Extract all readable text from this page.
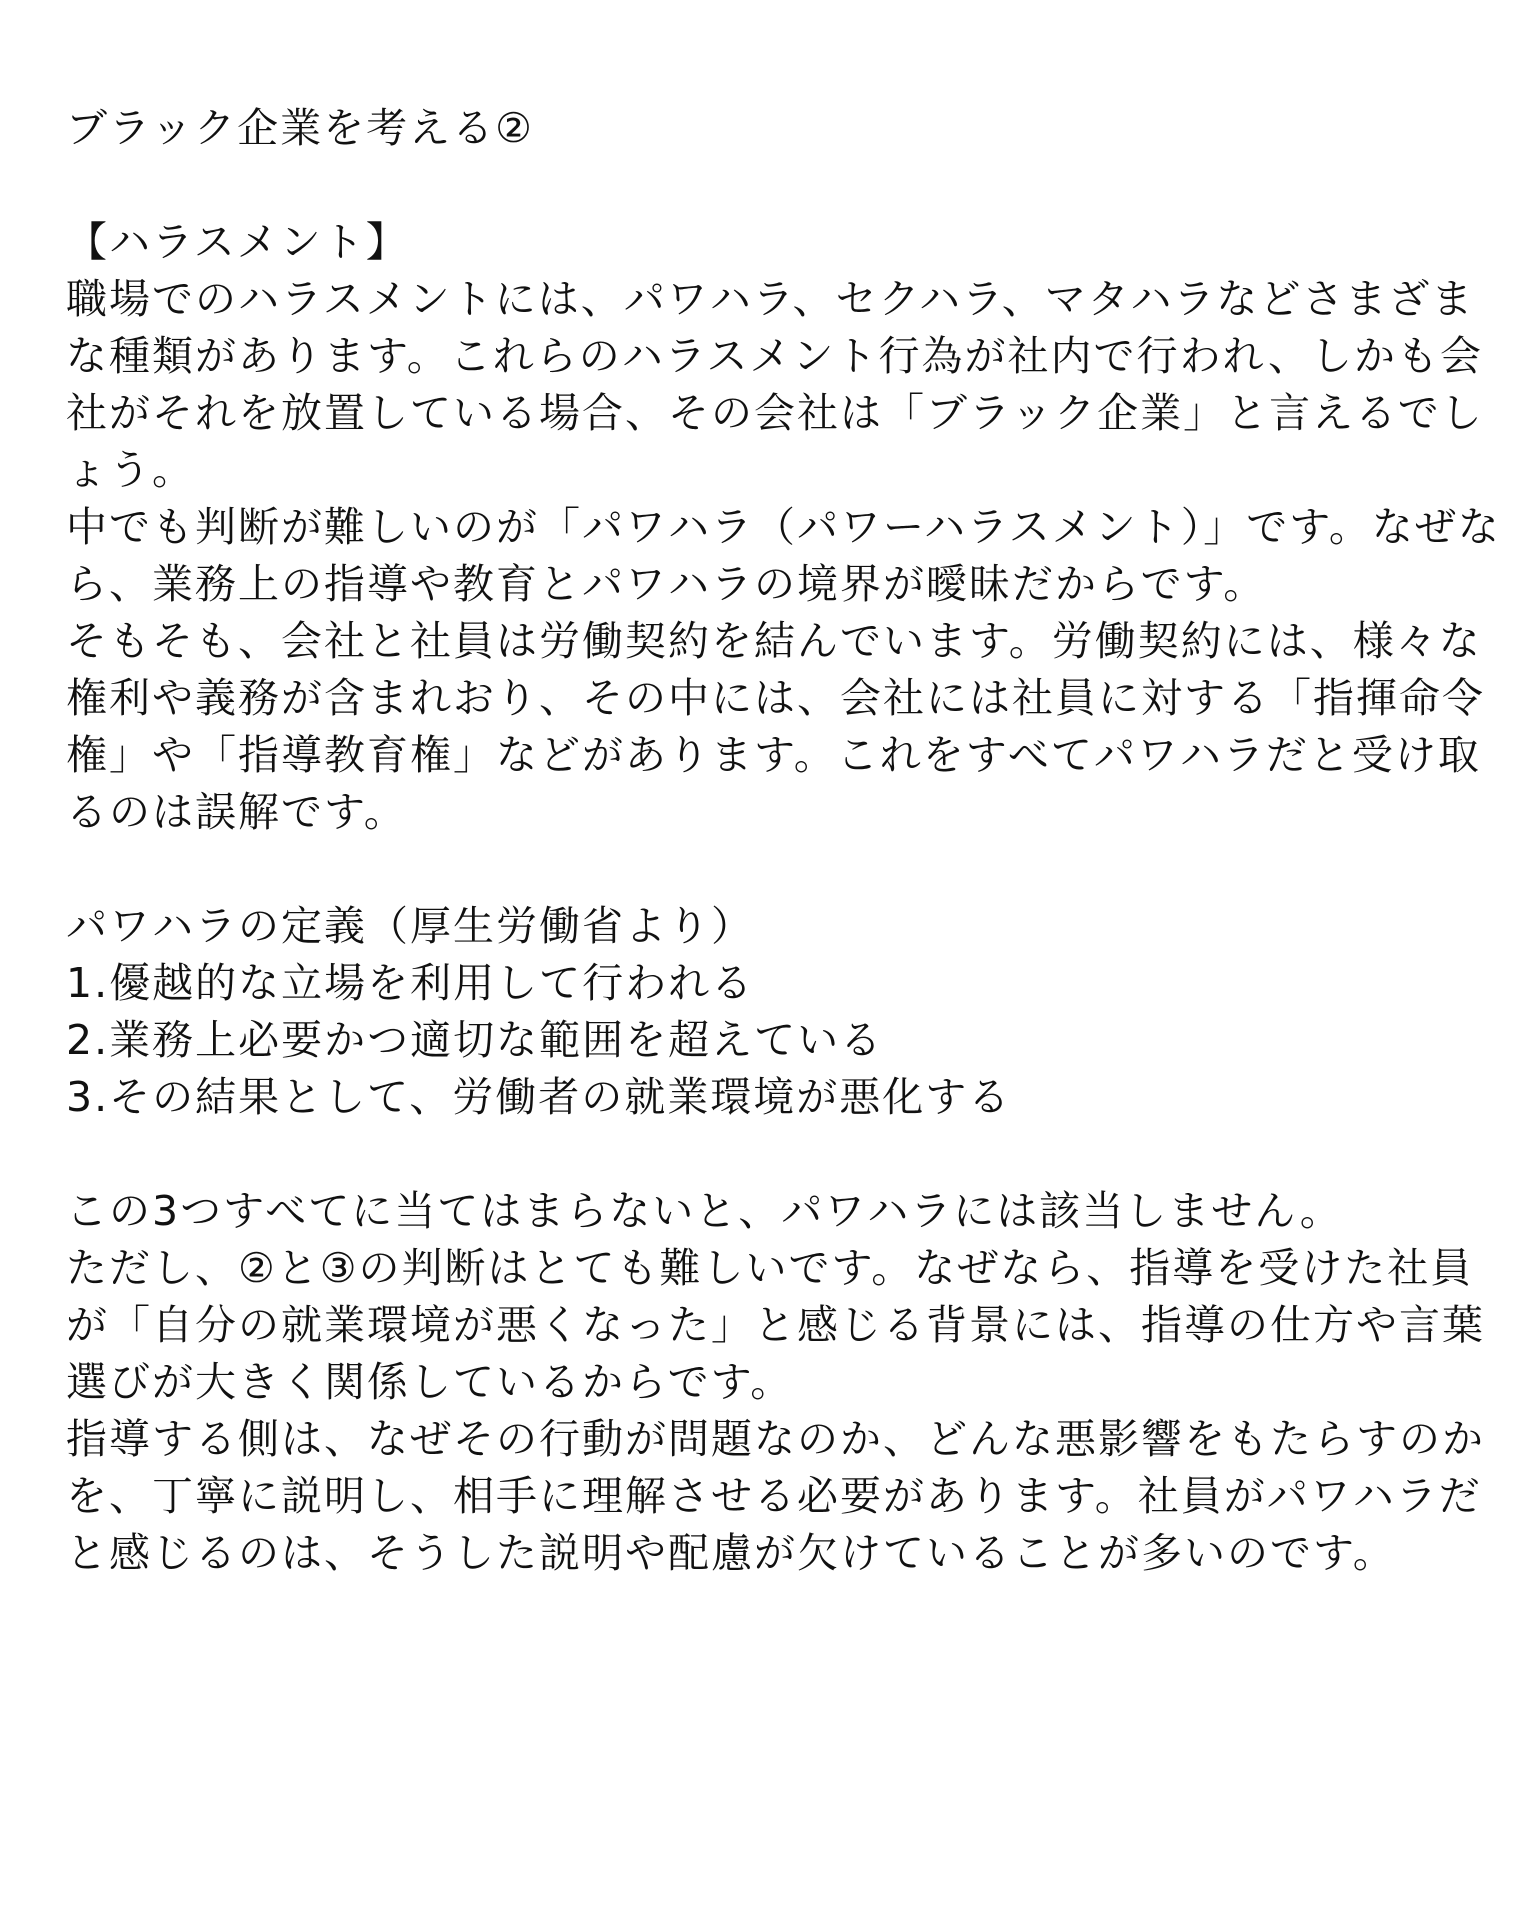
ブラック企業を考える②
【ハラスメント】
職場でのハラスメントには、パワハラ、セクハラ、マタハラなどさまざま
な種類があります。これらのハラスメント行為が社内で行われ、しかも会
社がそれを放置している場合、その会社は「ブラック企業」と言えるでし
ょう。
中でも判断が難しいのが「パワハラ（パワーハラスメント）」です。なぜな
ら、業務上の指導や教育とパワハラの境界が曖昧だからです。
そもそも、会社と社員は労働契約を結んでいます。労働契約には、様々な
権利や義務が含まれおり、その中には、会社には社員に対する「指揮命令
権」や「指導教育権」などがあります。これをすべてパワハラだと受け取
るのは誤解です。
パワハラの定義（厚生労働省より）
1.優越的な立場を利用して行われる
2.業務上必要かつ適切な範囲を超えている
3.その結果として、労働者の就業環境が悪化する
この3つすべてに当てはまらないと、パワハラには該当しません。
ただし、②と③の判断はとても難しいです。なぜなら、指導を受けた社員
が「自分の就業環境が悪くなった」と感じる背景には、指導の仕方や言葉
選びが大きく関係しているからです。
指導する側は、なぜその行動が問題なのか、どんな悪影響をもたらすのか
を、丁寧に説明し、相手に理解させる必要があります。社員がパワハラだ
と感じるのは、そうした説明や配慮が欠けていることが多いのです。
